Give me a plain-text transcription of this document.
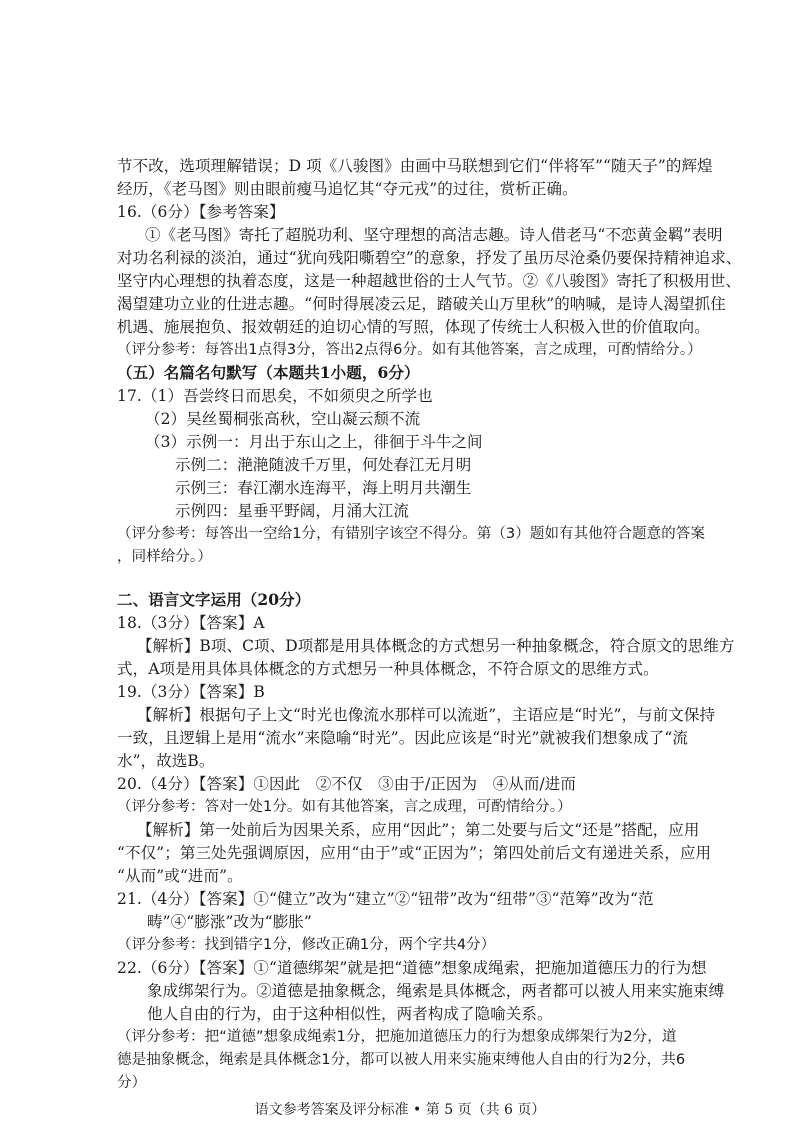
节不改，选项理解错误；D 项《八骏图》由画中马联想到它们“伴将军”“随天子”的辉煌
经历，《老马图》则由眼前瘦马追忆其“夺元戎”的过往，赏析正确。
16.（6分）【参考答案】
①《老马图》寄托了超脱功利、坚守理想的高洁志趣。诗人借老马“不恋黄金羁”表明
对功名利禄的淡泊，通过“犹向残阳嘶碧空”的意象，抒发了虽历尽沧桑仍要保持精神追求、
坚守内心理想的执着态度，这是一种超越世俗的士人气节。②《八骏图》寄托了积极用世、
渴望建功立业的仕进志趣。“何时得展凌云足，踏破关山万里秋”的呐喊，是诗人渴望抓住
机遇、施展抱负、报效朝廷的迫切心情的写照，体现了传统士人积极入世的价值取向。
（评分参考：每答出1点得3分，答出2点得6分。如有其他答案，言之成理，可酌情给分。）
（五）名篇名句默写（本题共1小题，6分）
17.（1）吾尝终日而思矣，不如须臾之所学也
（2）吴丝蜀桐张高秋，空山凝云颓不流
（3）示例一：月出于东山之上，徘徊于斗牛之间
示例二：滟滟随波千万里，何处春江无月明
示例三：春江潮水连海平，海上明月共潮生
示例四：星垂平野阔，月涌大江流
（评分参考：每答出一空给1分，有错别字该空不得分。第（3）题如有其他符合题意的答案
，同样给分。）
二、语言文字运用（20分）
18.（3分）【答案】A
【解析】B项、C项、D项都是用具体概念的方式想另一种抽象概念，符合原文的思维方
式，A项是用具体具体概念的方式想另一种具体概念，不符合原文的思维方式。
19.（3分）【答案】B
【解析】根据句子上文“时光也像流水那样可以流逝”，主语应是“时光”，与前文保持
一致，且逻辑上是用“流水”来隐喻“时光”。因此应该是“时光”就被我们想象成了“流
水”，故选B。
20.（4分）【答案】①因此　②不仅　③由于/正因为　④从而/进而
（评分参考：答对一处1分。如有其他答案，言之成理，可酌情给分。）
【解析】第一处前后为因果关系，应用“因此”；第二处要与后文“还是”搭配，应用
“不仅”；第三处先强调原因，应用“由于”或“正因为”；第四处前后文有递进关系，应用
“从而”或“进而”。
21.（4分）【答案】①“健立”改为“建立”②“钮带”改为“纽带”③“范筹”改为“范
畴”④“膨涨”改为“膨胀”
（评分参考：找到错字1分，修改正确1分，两个字共4分）
22.（6分）【答案】①“道德绑架”就是把“道德”想象成绳索，把施加道德压力的行为想
象成绑架行为。②道德是抽象概念，绳索是具体概念，两者都可以被人用来实施束缚
他人自由的行为，由于这种相似性，两者构成了隐喻关系。
（评分参考：把“道德”想象成绳索1分，把施加道德压力的行为想象成绑架行为2分，道
德是抽象概念，绳索是具体概念1分，都可以被人用来实施束缚他人自由的行为2分，共6
分）
语文参考答案及评分标准 • 第 5 页（共 6 页）
